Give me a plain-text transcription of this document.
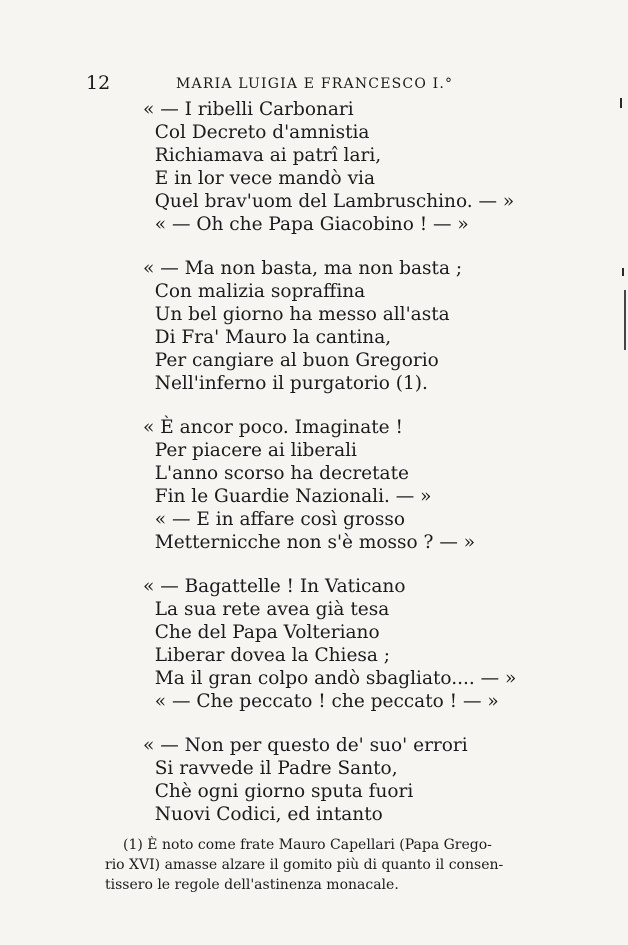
12	MARIA LUIGIA E FRANCESCO I.°
« — I ribelli Carbonari
Col Decreto d'amnistia
Richiamava ai patrî lari,
E in lor vece mandò via
Quel brav'uom del Lambruschino. — »
« — Oh che Papa Giacobino ! — »
« — Ma non basta, ma non basta ;
Con malizia sopraffina
Un bel giorno ha messo all'asta
Di Fra' Mauro la cantina,
Per cangiare al buon Gregorio
Nell'inferno il purgatorio (1).
« È ancor poco. Imaginate !
Per piacere ai liberali
L'anno scorso ha decretate
Fin le Guardie Nazionali. — »
« — E in affare così grosso
Metternicche non s'è mosso ? — »
« — Bagattelle ! In Vaticano
La sua rete avea già tesa
Che del Papa Volteriano
Liberar dovea la Chiesa ;
Ma il gran colpo andò sbagliato.... — »
« — Che peccato ! che peccato ! — »
« — Non per questo de' suo' errori
Si ravvede il Padre Santo,
Chè ogni giorno sputa fuori
Nuovi Codici, ed intanto
(1) È noto come frate Mauro Capellari (Papa Grego-
rio XVI) amasse alzare il gomito più di quanto il consen-
tissero le regole dell'astinenza monacale.
